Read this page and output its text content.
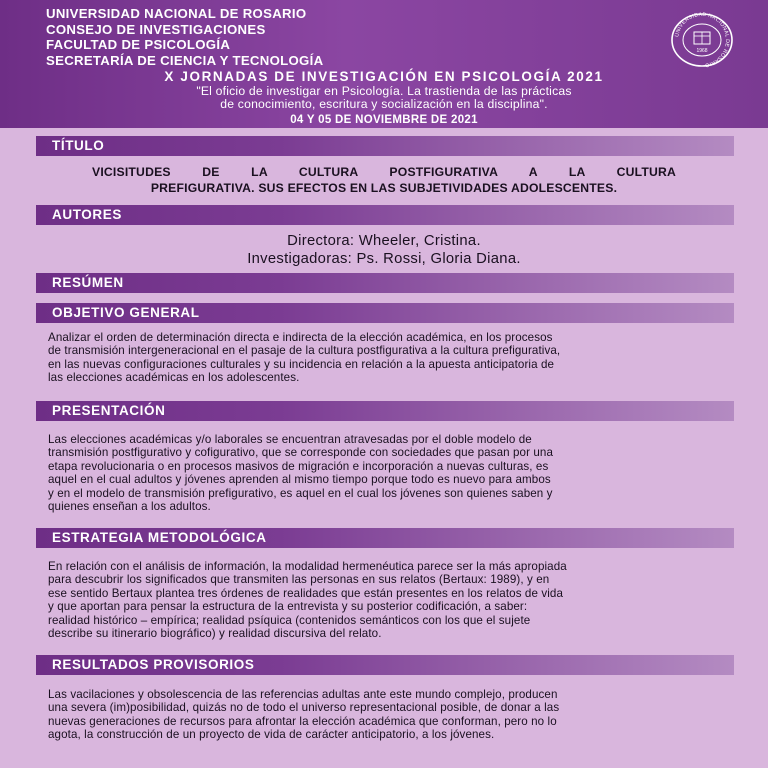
UNIVERSIDAD NACIONAL DE ROSARIO
CONSEJO DE INVESTIGACIONES
FACULTAD DE PSICOLOGÍA
SECRETARÍA DE CIENCIA Y TECNOLOGÍA
UNIVERSIDAD NACIONAL DE ROSARIO
1968
X JORNADAS DE INVESTIGACIÓN EN PSICOLOGÍA 2021
"El oficio de investigar en Psicología. La trastienda de las prácticas
de conocimiento, escritura y socialización en la disciplina".
04 Y 05 DE NOVIEMBRE DE 2021
TÍTULO
VICISITUDES DE LA CULTURA POSTFIGURATIVA A LA CULTURA
PREFIGURATIVA. SUS EFECTOS EN LAS SUBJETIVIDADES ADOLESCENTES.
AUTORES
Directora: Wheeler, Cristina.
Investigadoras: Ps. Rossi, Gloria Diana.
RESÚMEN
OBJETIVO GENERAL
Analizar el orden de determinación directa e indirecta de la elección académica, en los procesos
de transmisión intergeneracional en el pasaje de la cultura postfigurativa a la cultura prefigurativa,
en las nuevas configuraciones culturales y su incidencia en relación a la apuesta anticipatoria de
las elecciones académicas en los adolescentes.
PRESENTACIÓN
Las elecciones académicas y/o laborales se encuentran atravesadas por el doble modelo de
transmisión postfigurativo y cofigurativo, que se corresponde con sociedades que pasan por una
etapa revolucionaria o en procesos masivos de migración e incorporación a nuevas culturas, es
aquel en el cual adultos y jóvenes aprenden al mismo tiempo porque todo es nuevo para ambos
y en el modelo de transmisión prefigurativo, es aquel en el cual los jóvenes son quienes saben y
quienes enseñan a los adultos.
ESTRATEGIA METODOLÓGICA
En relación con el análisis de información, la modalidad hermenéutica parece ser la más apropiada
para descubrir los significados que transmiten las personas en sus relatos (Bertaux: 1989), y en
ese sentido Bertaux plantea tres órdenes de realidades que están presentes en los relatos de vida
y que aportan para pensar la estructura de la entrevista y su posterior codificación, a saber:
realidad histórico – empírica; realidad psíquica (contenidos semánticos con los que el sujete
describe su itinerario biográfico) y realidad discursiva del relato.
RESULTADOS PROVISORIOS
Las vacilaciones y obsolescencia de las referencias adultas ante este mundo complejo, producen
una severa (im)posibilidad, quizás no de todo el universo representacional posible, de donar a las
nuevas generaciones de recursos para afrontar la elección académica que conforman, pero no lo
agota, la construcción de un proyecto de vida de carácter anticipatorio, a los jóvenes.
